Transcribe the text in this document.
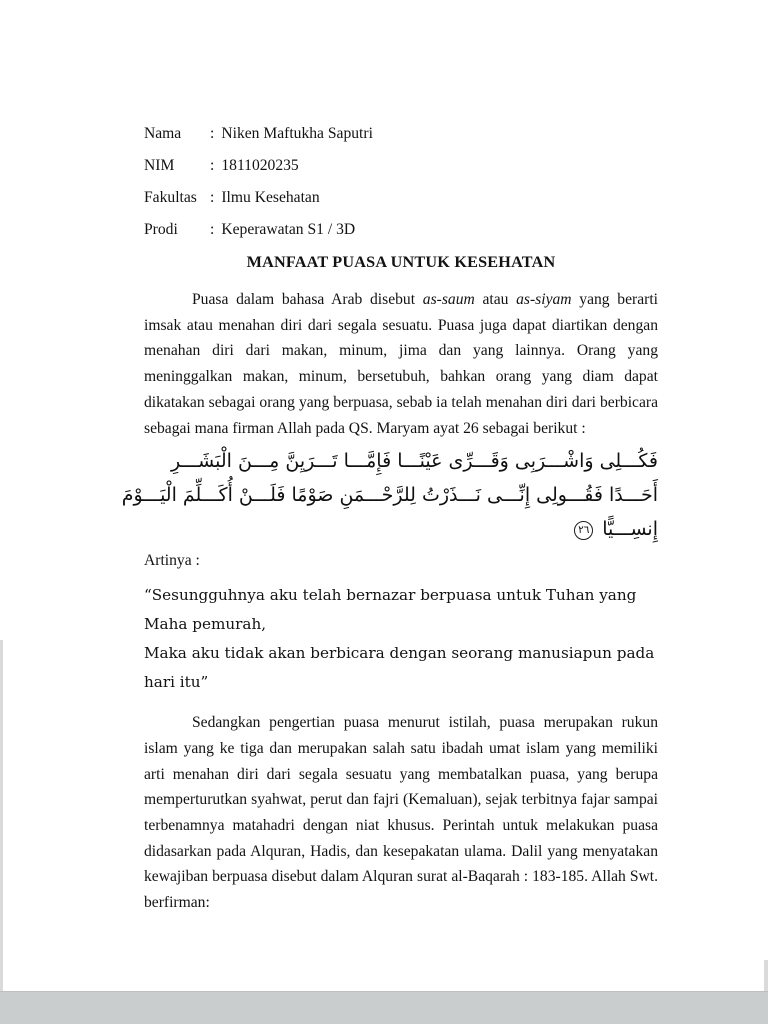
Nama : Niken Maftukha Saputri
NIM : 1811020235
Fakultas : Ilmu Kesehatan
Prodi : Keperawatan S1 / 3D
MANFAAT PUASA UNTUK KESEHATAN

Puasa dalam bahasa Arab disebut as-saum atau as-siyam yang berarti imsak atau menahan diri dari segala sesuatu. Puasa juga dapat diartikan dengan menahan diri dari makan, minum, jima dan yang lainnya. Orang yang meninggalkan makan, minum, bersetubuh, bahkan orang yang diam dapat dikatakan sebagai orang yang berpuasa, sebab ia telah menahan diri dari berbicara sebagai mana firman Allah pada QS. Maryam ayat 26 sebagai berikut :

فَكُـــلِى وَاشْـــرَبِى وَقَـــرِّى عَيْنًـــا فَإِمَّـــا تَـــرَيِنَّ مِـــنَ الْبَشَـــرِ
أَحَـــدًا فَقُـــولِى إِنِّـــى نَـــذَرْتُ لِلرَّحْـــمَنِ صَوْمًا فَلَـــنْ أُكَـــلِّمَ الْيَـــوْمَ
إِنسِـــيًّا٢٦
Artinya :

“Sesungguhnya aku telah bernazar berpuasa untuk Tuhan yang Maha pemurah,
Maka aku tidak akan berbicara dengan seorang manusiapun pada hari itu”

Sedangkan pengertian puasa menurut istilah, puasa merupakan rukun islam yang ke tiga dan merupakan salah satu ibadah umat islam yang memiliki arti menahan diri dari segala sesuatu yang membatalkan puasa, yang berupa memperturutkan syahwat, perut dan fajri (Kemaluan), sejak terbitnya fajar sampai terbenamnya matahadri dengan niat khusus. Perintah untuk melakukan puasa didasarkan pada Alquran, Hadis, dan kesepakatan ulama. Dalil yang menyatakan kewajiban berpuasa disebut dalam Alquran surat al-Baqarah : 183-185. Allah Swt. berfirman:
